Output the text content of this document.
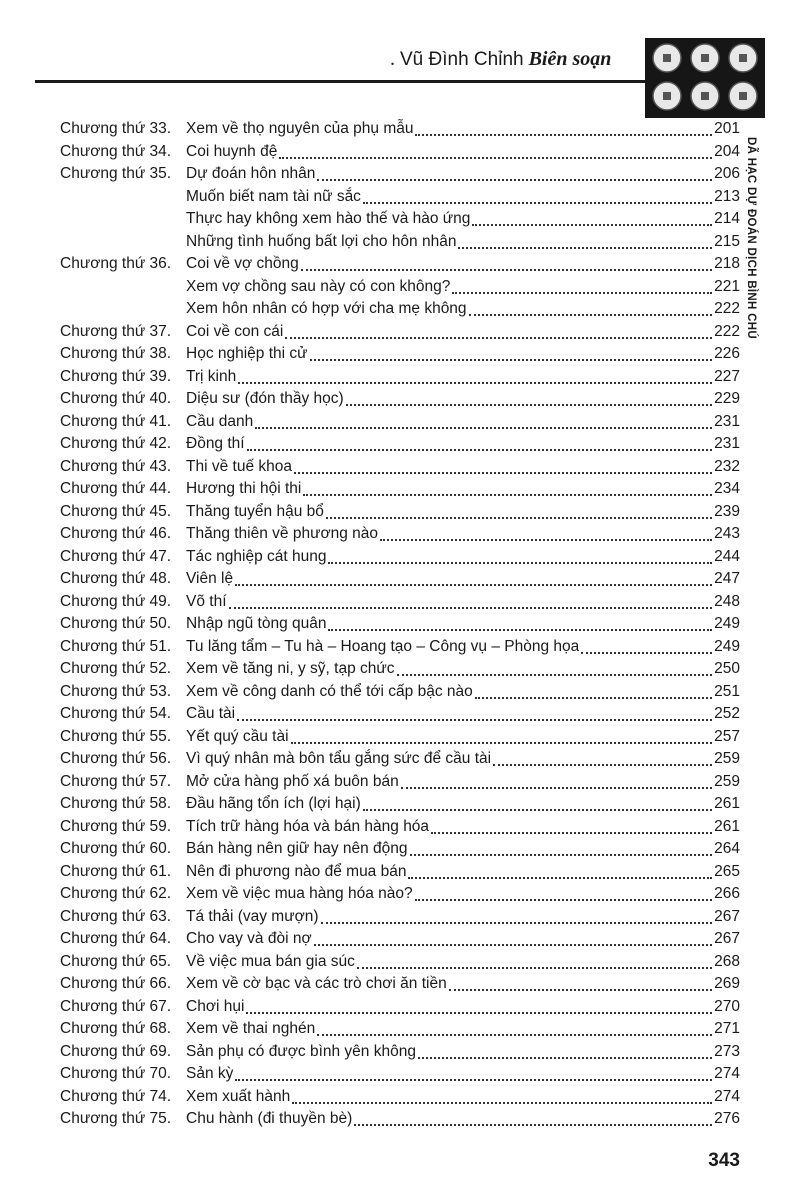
. Vũ Đình Chỉnh Biên soạn
DÃ HẠC DỰ ĐOÁN DỊCH BÌNH CHÚ
Chương thứ 33. Xem về thọ nguyên của phụ mẫu	201
Chương thứ 34. Coi huynh đệ	204
Chương thứ 35. Dự đoán hôn nhân	206
Muốn biết nam tài nữ sắc	213
Thực hay không xem hào thế và hào ứng	214
Những tình huống bất lợi cho hôn nhân	215
Chương thứ 36. Coi về vợ chồng	218
Xem vợ chồng sau này có con không?	221
Xem hôn nhân có hợp với cha mẹ không	222
Chương thứ 37. Coi về con cái	222
Chương thứ 38. Học nghiệp thi cử	226
Chương thứ 39. Trị kinh	227
Chương thứ 40. Diệu sư (đón thầy học)	229
Chương thứ 41. Cầu danh	231
Chương thứ 42. Đồng thí	231
Chương thứ 43. Thi về tuế khoa	232
Chương thứ 44. Hương thi hội thi	234
Chương thứ 45. Thăng tuyển hậu bổ	239
Chương thứ 46. Thăng thiên về phương nào	243
Chương thứ 47. Tác nghiệp cát hung	244
Chương thứ 48. Viên lệ	247
Chương thứ 49. Võ thí	248
Chương thứ 50. Nhập ngũ tòng quân	249
Chương thứ 51. Tu lăng tẩm – Tu hà – Hoang tạo – Công vụ – Phòng họa	249
Chương thứ 52. Xem về tăng ni, y sỹ, tạp chức	250
Chương thứ 53. Xem về công danh có thể tới cấp bậc nào	251
Chương thứ 54. Cầu tài	252
Chương thứ 55. Yết quý cầu tài	257
Chương thứ 56. Vì quý nhân mà bôn tẩu gắng sức để cầu tài	259
Chương thứ 57. Mở cửa hàng phố xá buôn bán	259
Chương thứ 58. Đầu hãng tổn ích (lợi hại)	261
Chương thứ 59. Tích trữ hàng hóa và bán hàng hóa	261
Chương thứ 60. Bán hàng nên giữ hay nên động	264
Chương thứ 61. Nên đi phương nào để mua bán	265
Chương thứ 62. Xem về việc mua hàng hóa nào?	266
Chương thứ 63. Tá thải (vay mượn)	267
Chương thứ 64. Cho vay và đòi nợ	267
Chương thứ 65. Về việc mua bán gia súc	268
Chương thứ 66. Xem về cờ bạc và các trò chơi ăn tiền	269
Chương thứ 67. Chơi hụi	270
Chương thứ 68. Xem về thai nghén	271
Chương thứ 69. Sản phụ có được bình yên không	273
Chương thứ 70. Sản kỳ	274
Chương thứ 74. Xem xuất hành	274
Chương thứ 75. Chu hành (đi thuyền bè)	276
343
